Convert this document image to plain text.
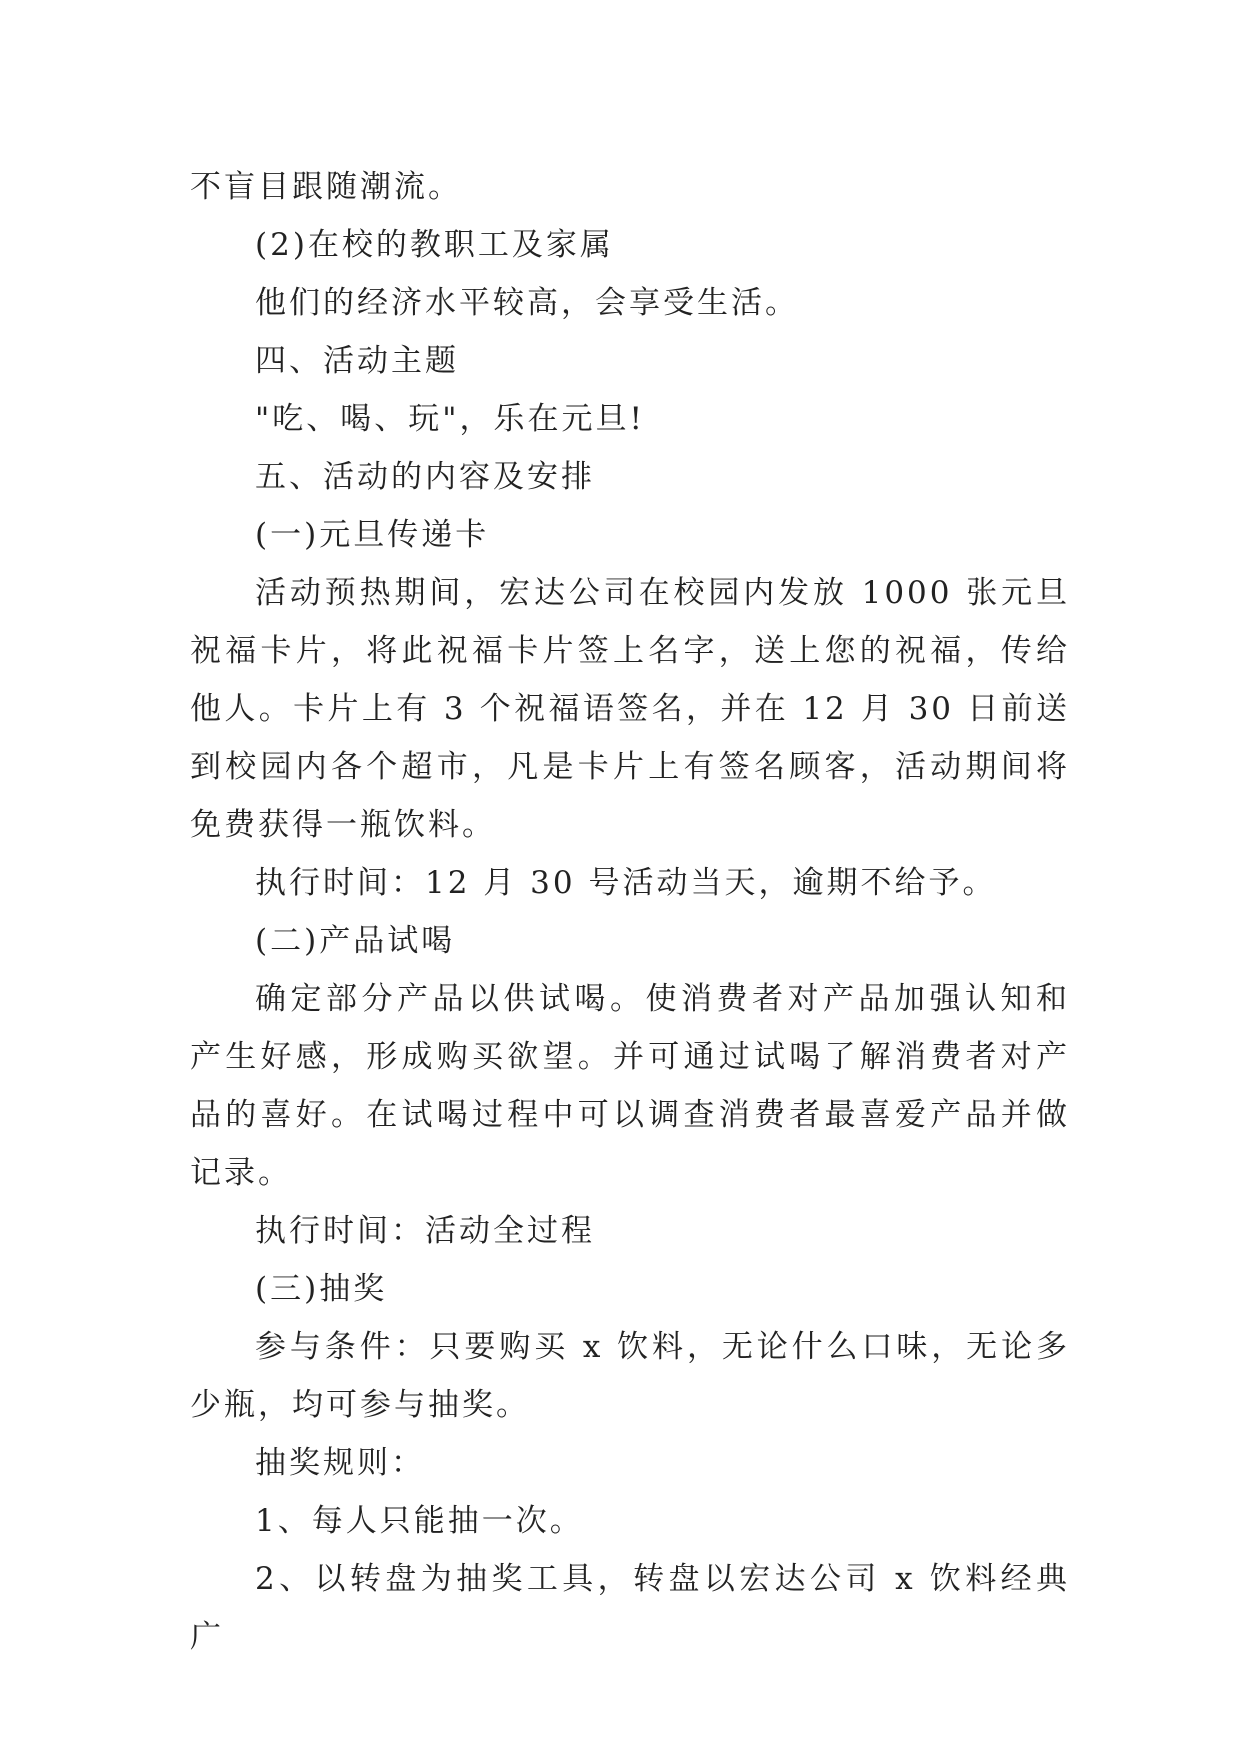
不盲目跟随潮流。

(2)在校的教职工及家属

他们的经济水平较高，会享受生活。

四、活动主题

"吃、喝、玩"，乐在元旦!

五、活动的内容及安排

(一)元旦传递卡

活动预热期间，宏达公司在校园内发放 1000 张元旦祝福卡片，将此祝福卡片签上名字，送上您的祝福，传给他人。卡片上有 3 个祝福语签名，并在 12 月 30 日前送到校园内各个超市，凡是卡片上有签名顾客，活动期间将免费获得一瓶饮料。

执行时间：12 月 30 号活动当天，逾期不给予。

(二)产品试喝

确定部分产品以供试喝。使消费者对产品加强认知和产生好感，形成购买欲望。并可通过试喝了解消费者对产品的喜好。在试喝过程中可以调查消费者最喜爱产品并做记录。

执行时间：活动全过程

(三)抽奖

参与条件：只要购买 x 饮料，无论什么口味，无论多少瓶，均可参与抽奖。

抽奖规则：

1、每人只能抽一次。

2、以转盘为抽奖工具，转盘以宏达公司 x 饮料经典广
